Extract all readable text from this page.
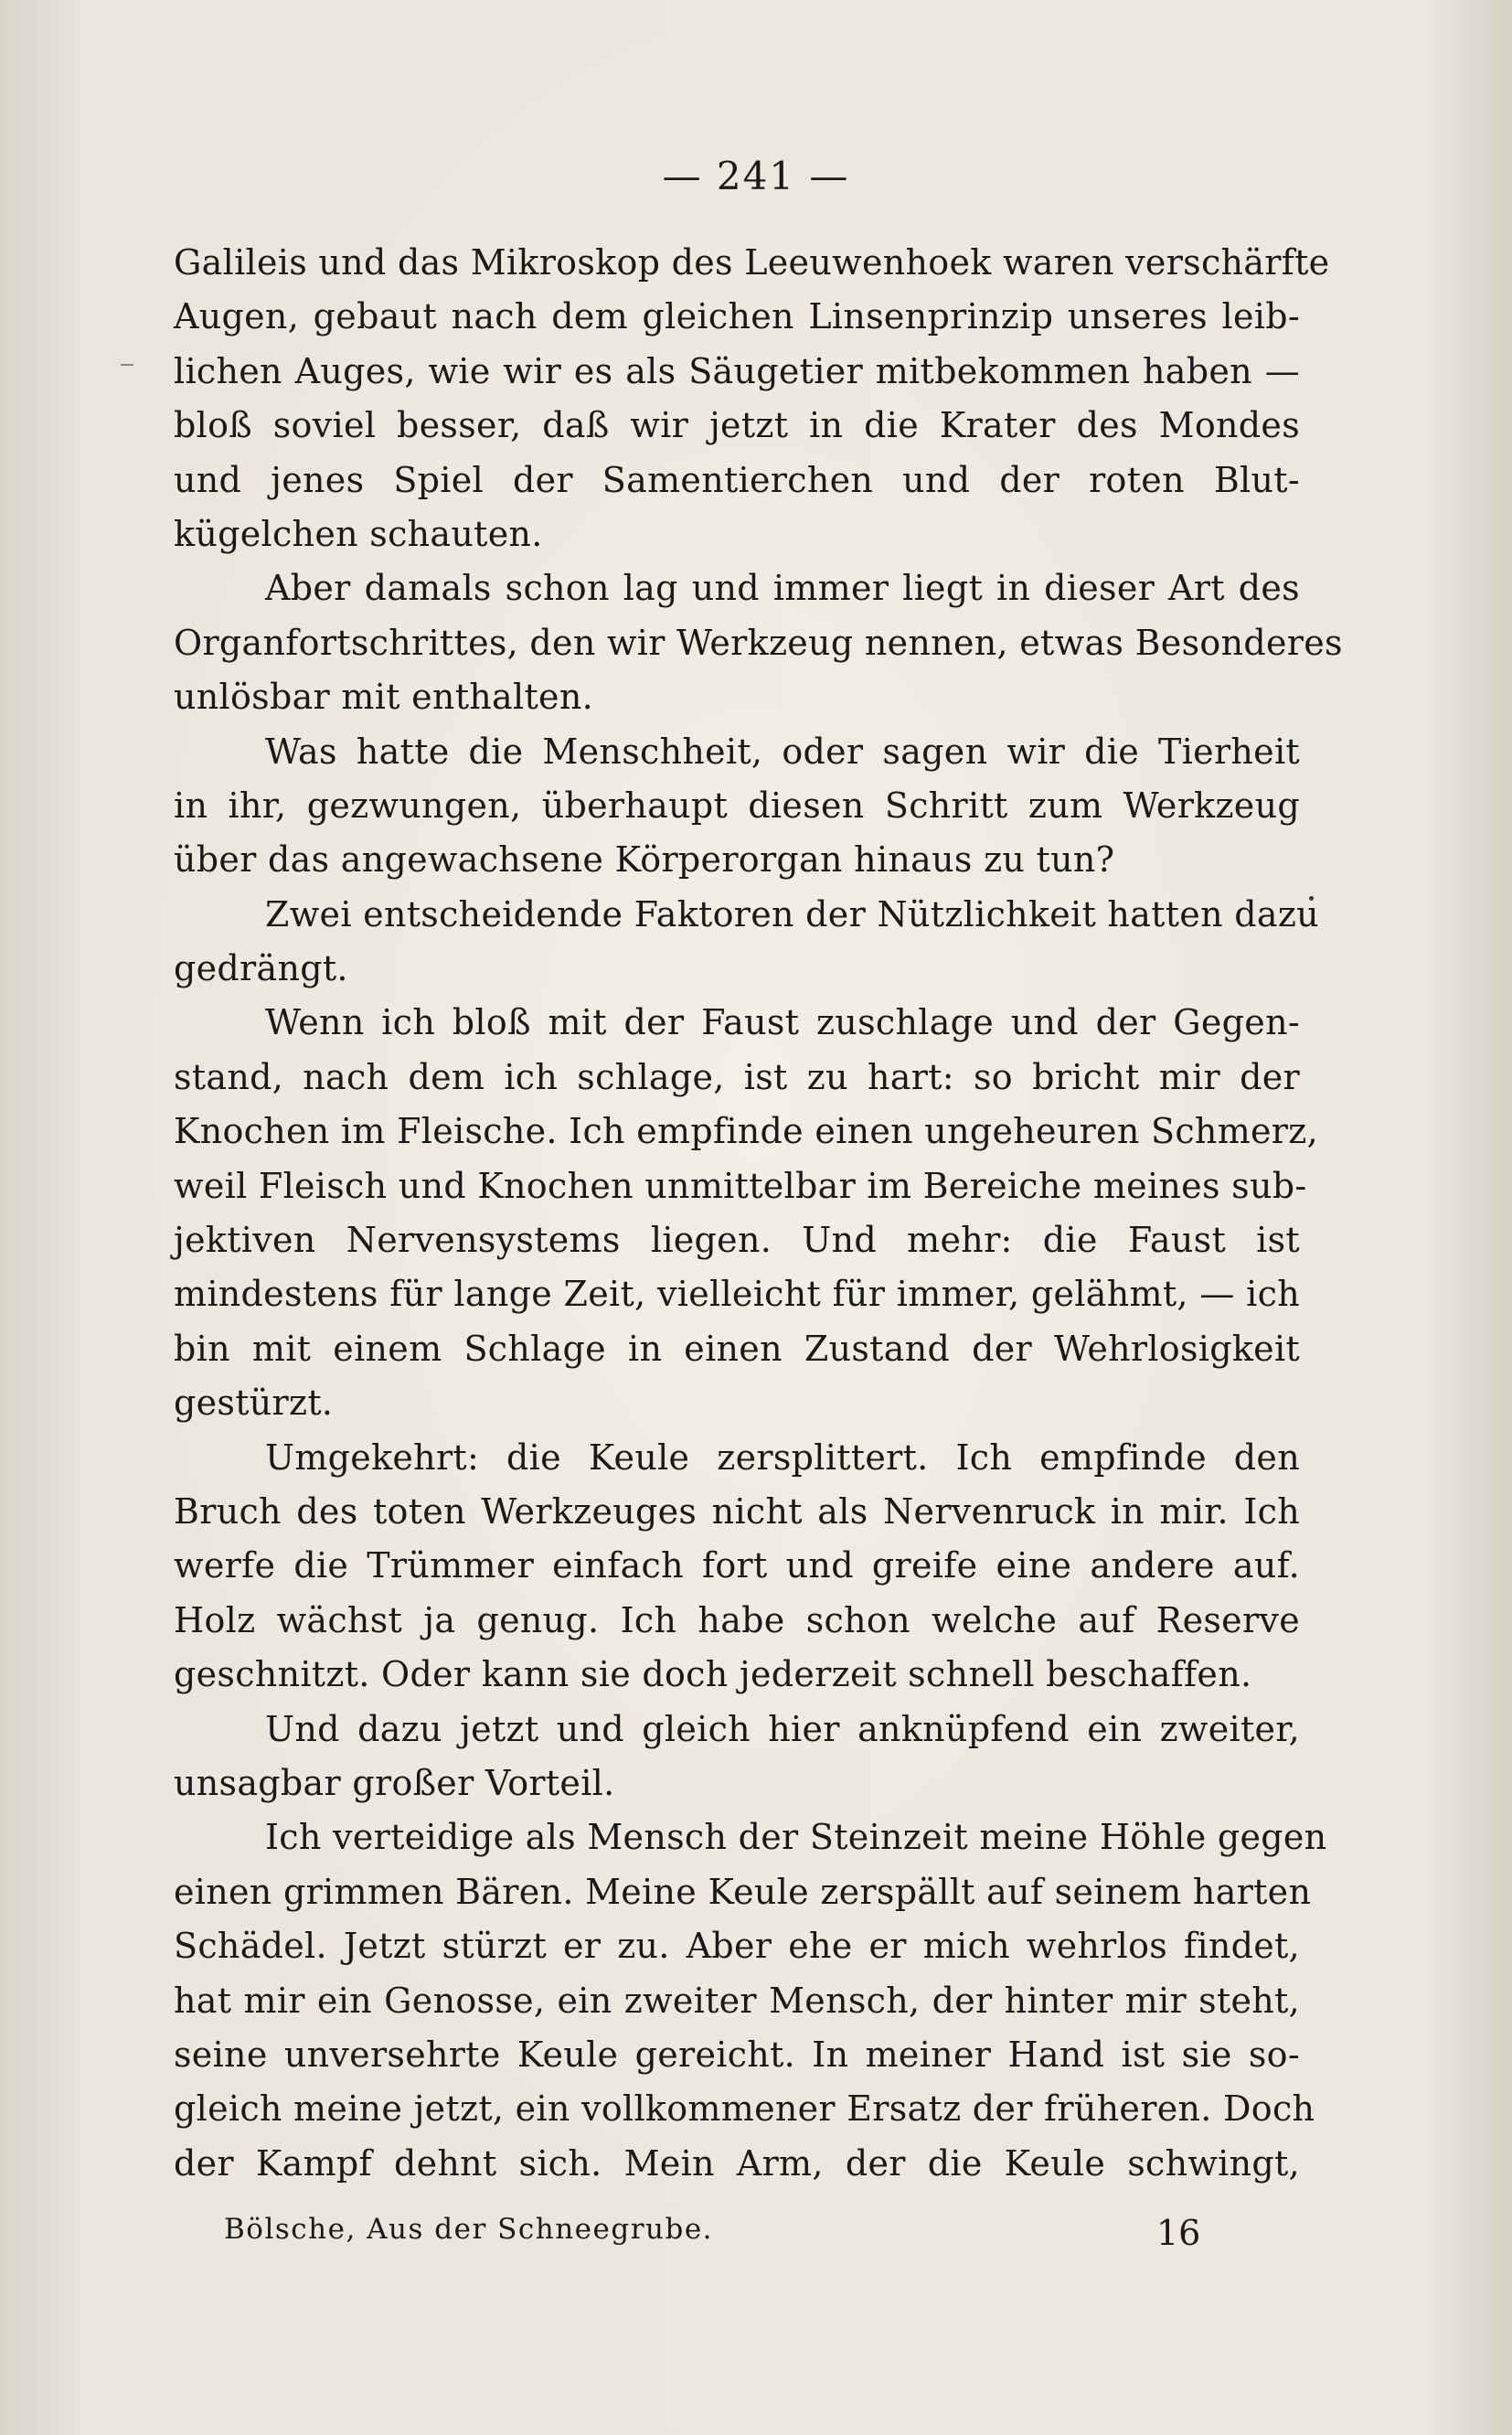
— 241 —
Galileis und das Mikroskop des Leeuwenhoek waren verschärfte
Augen, gebaut nach dem gleichen Linsenprinzip unseres leib-
lichen Auges, wie wir es als Säugetier mitbekommen haben —
bloß soviel besser, daß wir jetzt in die Krater des Mondes
und jenes Spiel der Samentierchen und der roten Blut-
kügelchen schauten.
Aber damals schon lag und immer liegt in dieser Art des
Organfortschrittes, den wir Werkzeug nennen, etwas Besonderes
unlösbar mit enthalten.
Was hatte die Menschheit, oder sagen wir die Tierheit
in ihr, gezwungen, überhaupt diesen Schritt zum Werkzeug
über das angewachsene Körperorgan hinaus zu tun?
Zwei entscheidende Faktoren der Nützlichkeit hatten dazu
gedrängt.
Wenn ich bloß mit der Faust zuschlage und der Gegen-
stand, nach dem ich schlage, ist zu hart: so bricht mir der
Knochen im Fleische. Ich empfinde einen ungeheuren Schmerz,
weil Fleisch und Knochen unmittelbar im Bereiche meines sub-
jektiven Nervensystems liegen. Und mehr: die Faust ist
mindestens für lange Zeit, vielleicht für immer, gelähmt, — ich
bin mit einem Schlage in einen Zustand der Wehrlosigkeit
gestürzt.
Umgekehrt: die Keule zersplittert. Ich empfinde den
Bruch des toten Werkzeuges nicht als Nervenruck in mir. Ich
werfe die Trümmer einfach fort und greife eine andere auf.
Holz wächst ja genug. Ich habe schon welche auf Reserve
geschnitzt. Oder kann sie doch jederzeit schnell beschaffen.
Und dazu jetzt und gleich hier anknüpfend ein zweiter,
unsagbar großer Vorteil.
Ich verteidige als Mensch der Steinzeit meine Höhle gegen
einen grimmen Bären. Meine Keule zerspällt auf seinem harten
Schädel. Jetzt stürzt er zu. Aber ehe er mich wehrlos findet,
hat mir ein Genosse, ein zweiter Mensch, der hinter mir steht,
seine unversehrte Keule gereicht. In meiner Hand ist sie so-
gleich meine jetzt, ein vollkommener Ersatz der früheren. Doch
der Kampf dehnt sich. Mein Arm, der die Keule schwingt,
Bölsche, Aus der Schneegrube.	16
